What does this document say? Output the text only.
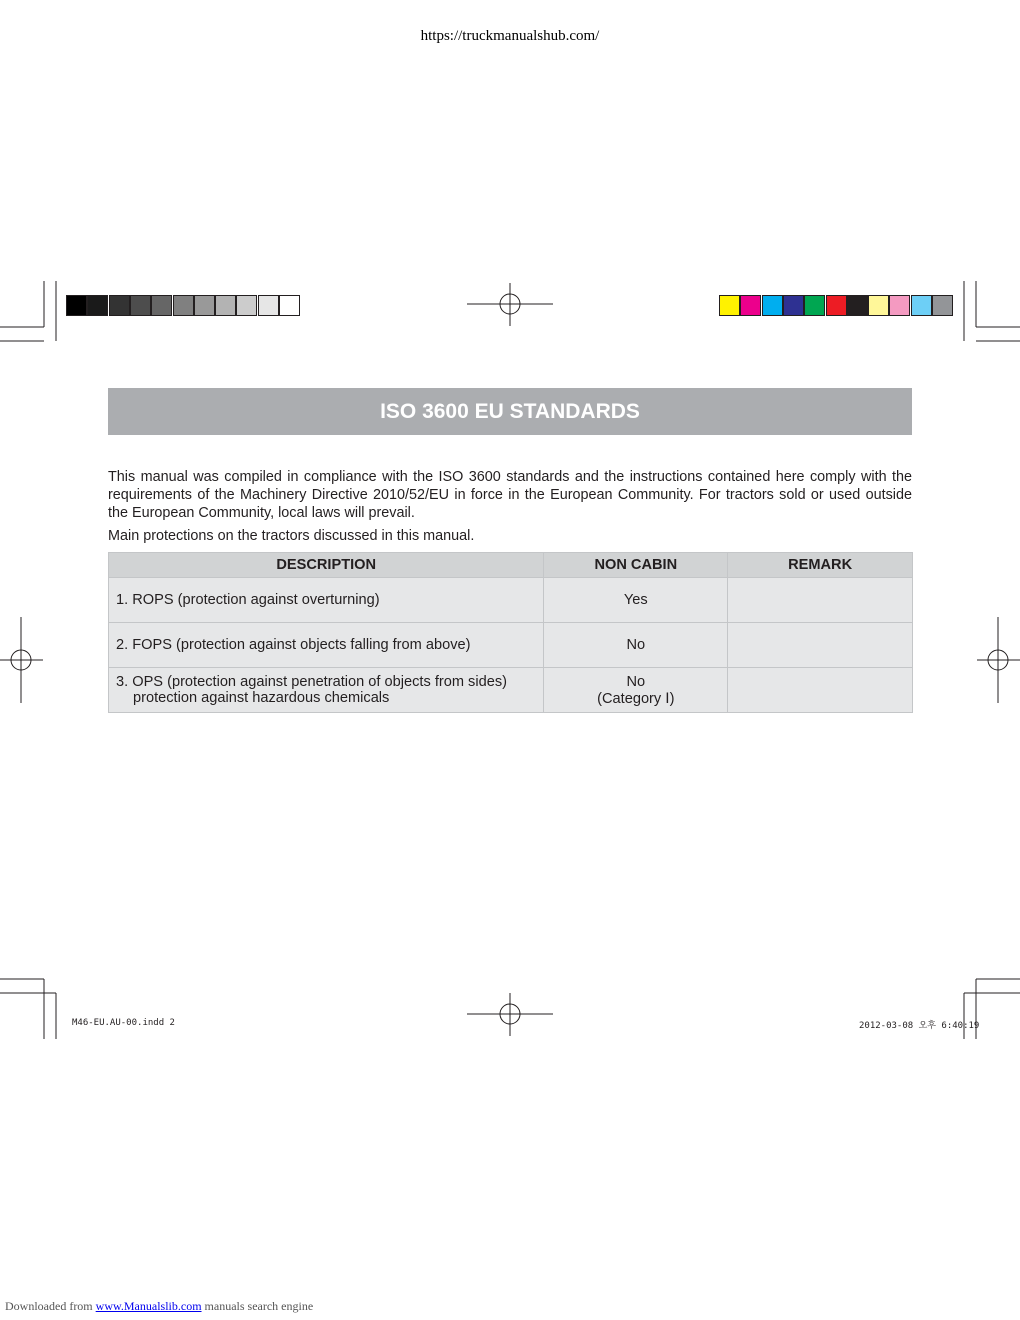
https://truckmanualshub.com/
ISO 3600 EU STANDARDS
This manual was compiled in compliance with the ISO 3600 standards and the instructions contained here comply with the requirements of the Machinery Directive 2010/52/EU in force in the European Community. For tractors sold or used outside the European Community, local laws will prevail.
Main protections on the tractors discussed in this manual.
DESCRIPTION	NON CABIN	REMARK
1. ROPS (protection against overturning)	Yes	
2. FOPS (protection against objects falling from above)	No	

3. OPS (protection against penetration of objects from sides)
protection against hazardous chemicals	No
(Category Ⅰ)	

M46-EU.AU-00.indd 2	2012-03-08 오후 6:40:19
Downloaded from www.Manualslib.com manuals search engine
